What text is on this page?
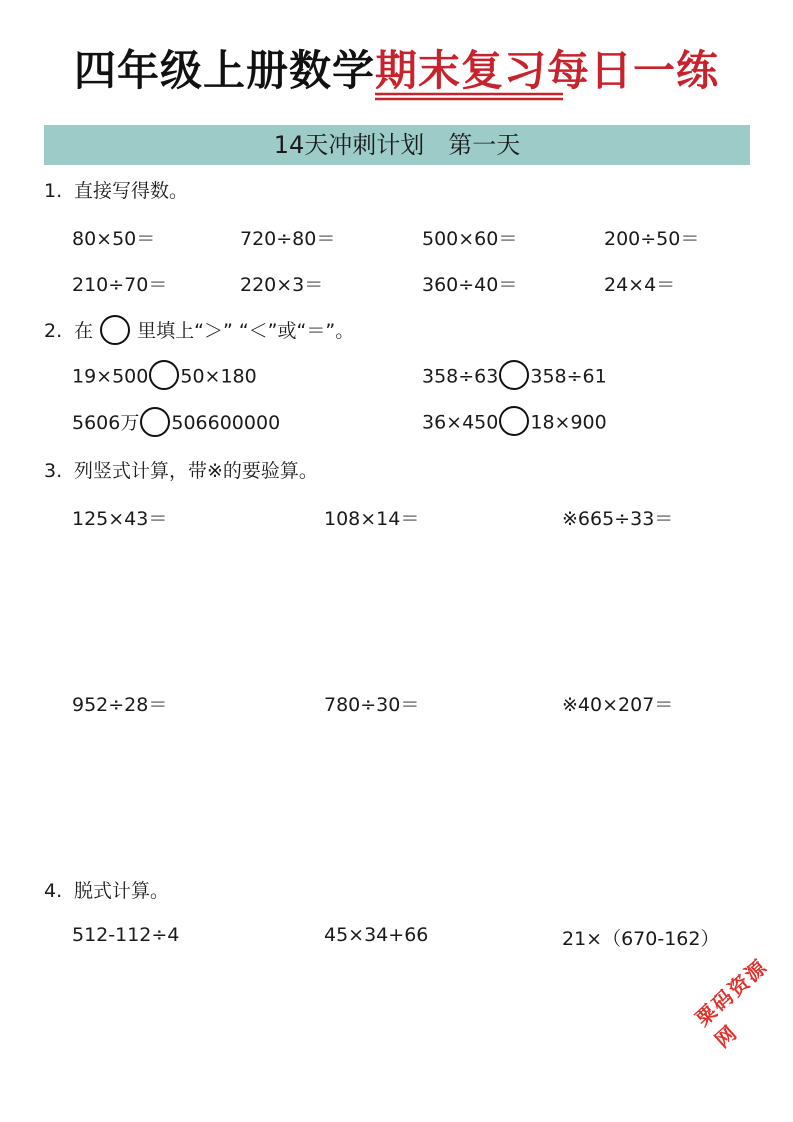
四年级上册数学期末复习每日一练
14天冲刺计划　第一天
1. 直接写得数。
80×50＝	720÷80＝	500×60＝	200÷50＝
210÷70＝	220×3＝	360÷40＝	24×4＝
2. 在 里填上“＞” “＜”或“＝”。
19×500 50×180	358÷63 358÷61
5606万 506600000	36×450 18×900
3. 列竖式计算，带※的要验算。
125×43＝	108×14＝	※665÷33＝
952÷28＝	780÷30＝	※40×207＝
4. 脱式计算。
512-112÷4	45×34+66	21×（670-162）
粟码资源网
